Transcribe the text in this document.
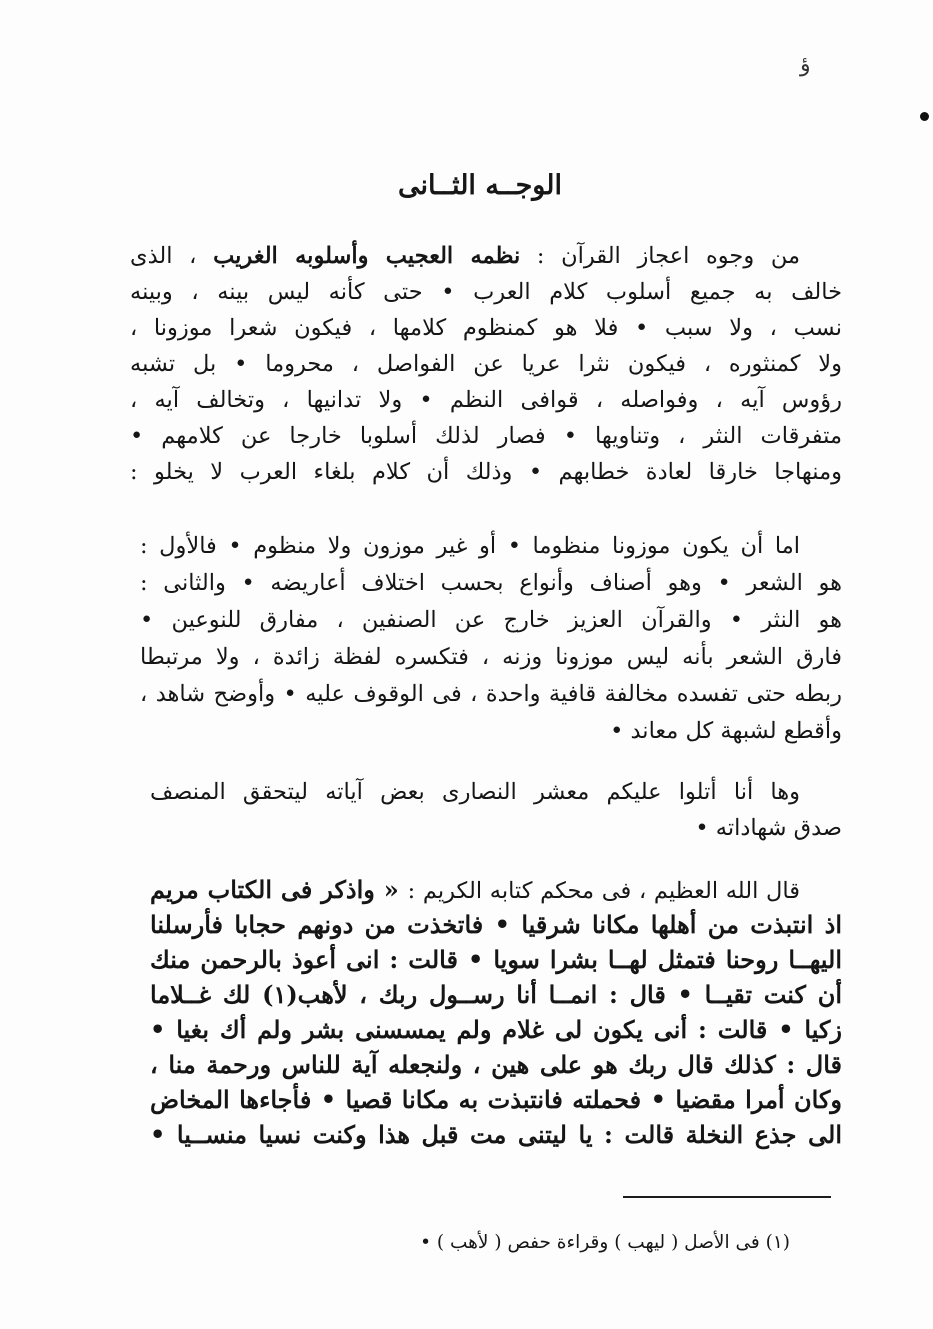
ؤ
الوجــه الثــانى
من وجوه اعجاز القرآن : نظمه العجيب وأسلوبه الغريب ، الذى
خالف به جميع أسلوب كلام العرب • حتى كأنه ليس بينه ، وبينه
نسب ، ولا سبب • فلا هو كمنظوم كلامها ، فيكون شعرا موزونا ،
ولا كمنثوره ، فيكون نثرا عريا عن الفواصل ، محروما • بل تشبه
رؤوس آيه ، وفواصله ، قوافى النظم • ولا تدانيها ، وتخالف آيه ،
متفرقات النثر ، وتناويها • فصار لذلك أسلوبا خارجا عن كلامهم •
ومنهاجا خارقا لعادة خطابهم • وذلك أن كلام بلغاء العرب لا يخلو :
اما أن يكون موزونا منظوما • أو غير موزون ولا منظوم • فالأول :
هو الشعر • وهو أصناف وأنواع بحسب اختلاف أعاريضه • والثانى :
هو النثر • والقرآن العزيز خارج عن الصنفين ، مفارق للنوعين •
فارق الشعر بأنه ليس موزونا وزنه ، فتكسره لفظة زائدة ، ولا مرتبطا
ربطه حتى تفسده مخالفة قافية واحدة ، فى الوقوف عليه • وأوضح شاهد ،
وأقطع لشبهة كل معاند •
وها أنا أتلوا عليكم معشر النصارى بعض آياته ليتحقق المنصف
صدق شهاداته •
قال الله العظيم ، فى محكم كتابه الكريم : « واذكر فى الكتاب مريم
اذ انتبذت من أهلها مكانا شرقيا • فاتخذت من دونهم حجابا فأرسلنا
اليهــا روحنا فتمثل لهــا بشرا سويا • قالت : انى أعوذ بالرحمن منك
أن كنت تقيــا • قال : انمــا أنا رســول ربك ، لأهب(١) لك غــلاما
زكيا • قالت : أنى يكون لى غلام ولم يمسسنى بشر ولم أك بغيا •
قال : كذلك قال ربك هو على هين ، ولنجعله آية للناس ورحمة منا ،
وكان أمرا مقضيا • فحملته فانتبذت به مكانا قصيا • فأجاءها المخاض
الى جذع النخلة قالت : يا ليتنى مت قبل هذا وكنت نسيا منســيا •
(١) فى الأصل ( ليهب ) وقراءة حفص ( لأهب ) •
